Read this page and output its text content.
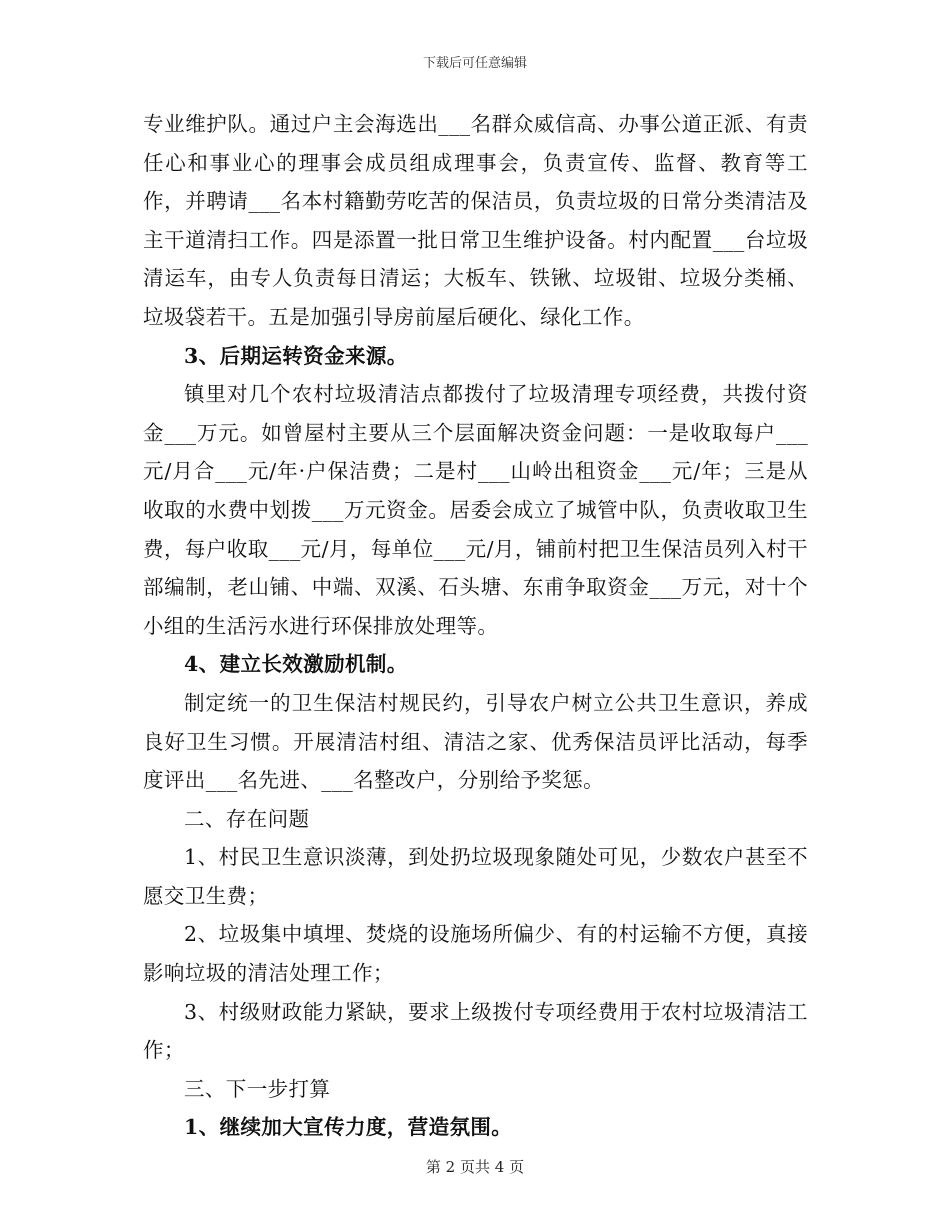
下载后可任意编辑

专业维护队。通过户主会海选出___名群众威信高、办事公道正派、有责任心和事业心的理事会成员组成理事会，负责宣传、监督、教育等工作，并聘请___名本村籍勤劳吃苦的保洁员，负责垃圾的日常分类清洁及主干道清扫工作。四是添置一批日常卫生维护设备。村内配置___台垃圾清运车，由专人负责每日清运；大板车、铁锹、垃圾钳、垃圾分类桶、垃圾袋若干。五是加强引导房前屋后硬化、绿化工作。

3、后期运转资金来源。

镇里对几个农村垃圾清洁点都拨付了垃圾清理专项经费，共拨付资金___万元。如曾屋村主要从三个层面解决资金问题：一是收取每户___元/月合___元/年·户保洁费；二是村___山岭出租资金___元/年；三是从收取的水费中划拨___万元资金。居委会成立了城管中队，负责收取卫生费，每户收取___元/月，每单位___元/月，铺前村把卫生保洁员列入村干部编制，老山铺、中端、双溪、石头塘、东甫争取资金___万元，对十个小组的生活污水进行环保排放处理等。

4、建立长效激励机制。

制定统一的卫生保洁村规民约，引导农户树立公共卫生意识，养成良好卫生习惯。开展清洁村组、清洁之家、优秀保洁员评比活动，每季度评出___名先进、___名整改户，分别给予奖惩。

二、存在问题

1、村民卫生意识淡薄，到处扔垃圾现象随处可见，少数农户甚至不愿交卫生费；

2、垃圾集中填埋、焚烧的设施场所偏少、有的村运输不方便，真接影响垃圾的清洁处理工作；

3、村级财政能力紧缺，要求上级拨付专项经费用于农村垃圾清洁工作；

三、下一步打算

1、继续加大宣传力度，营造氛围。

第 2 页共 4 页
